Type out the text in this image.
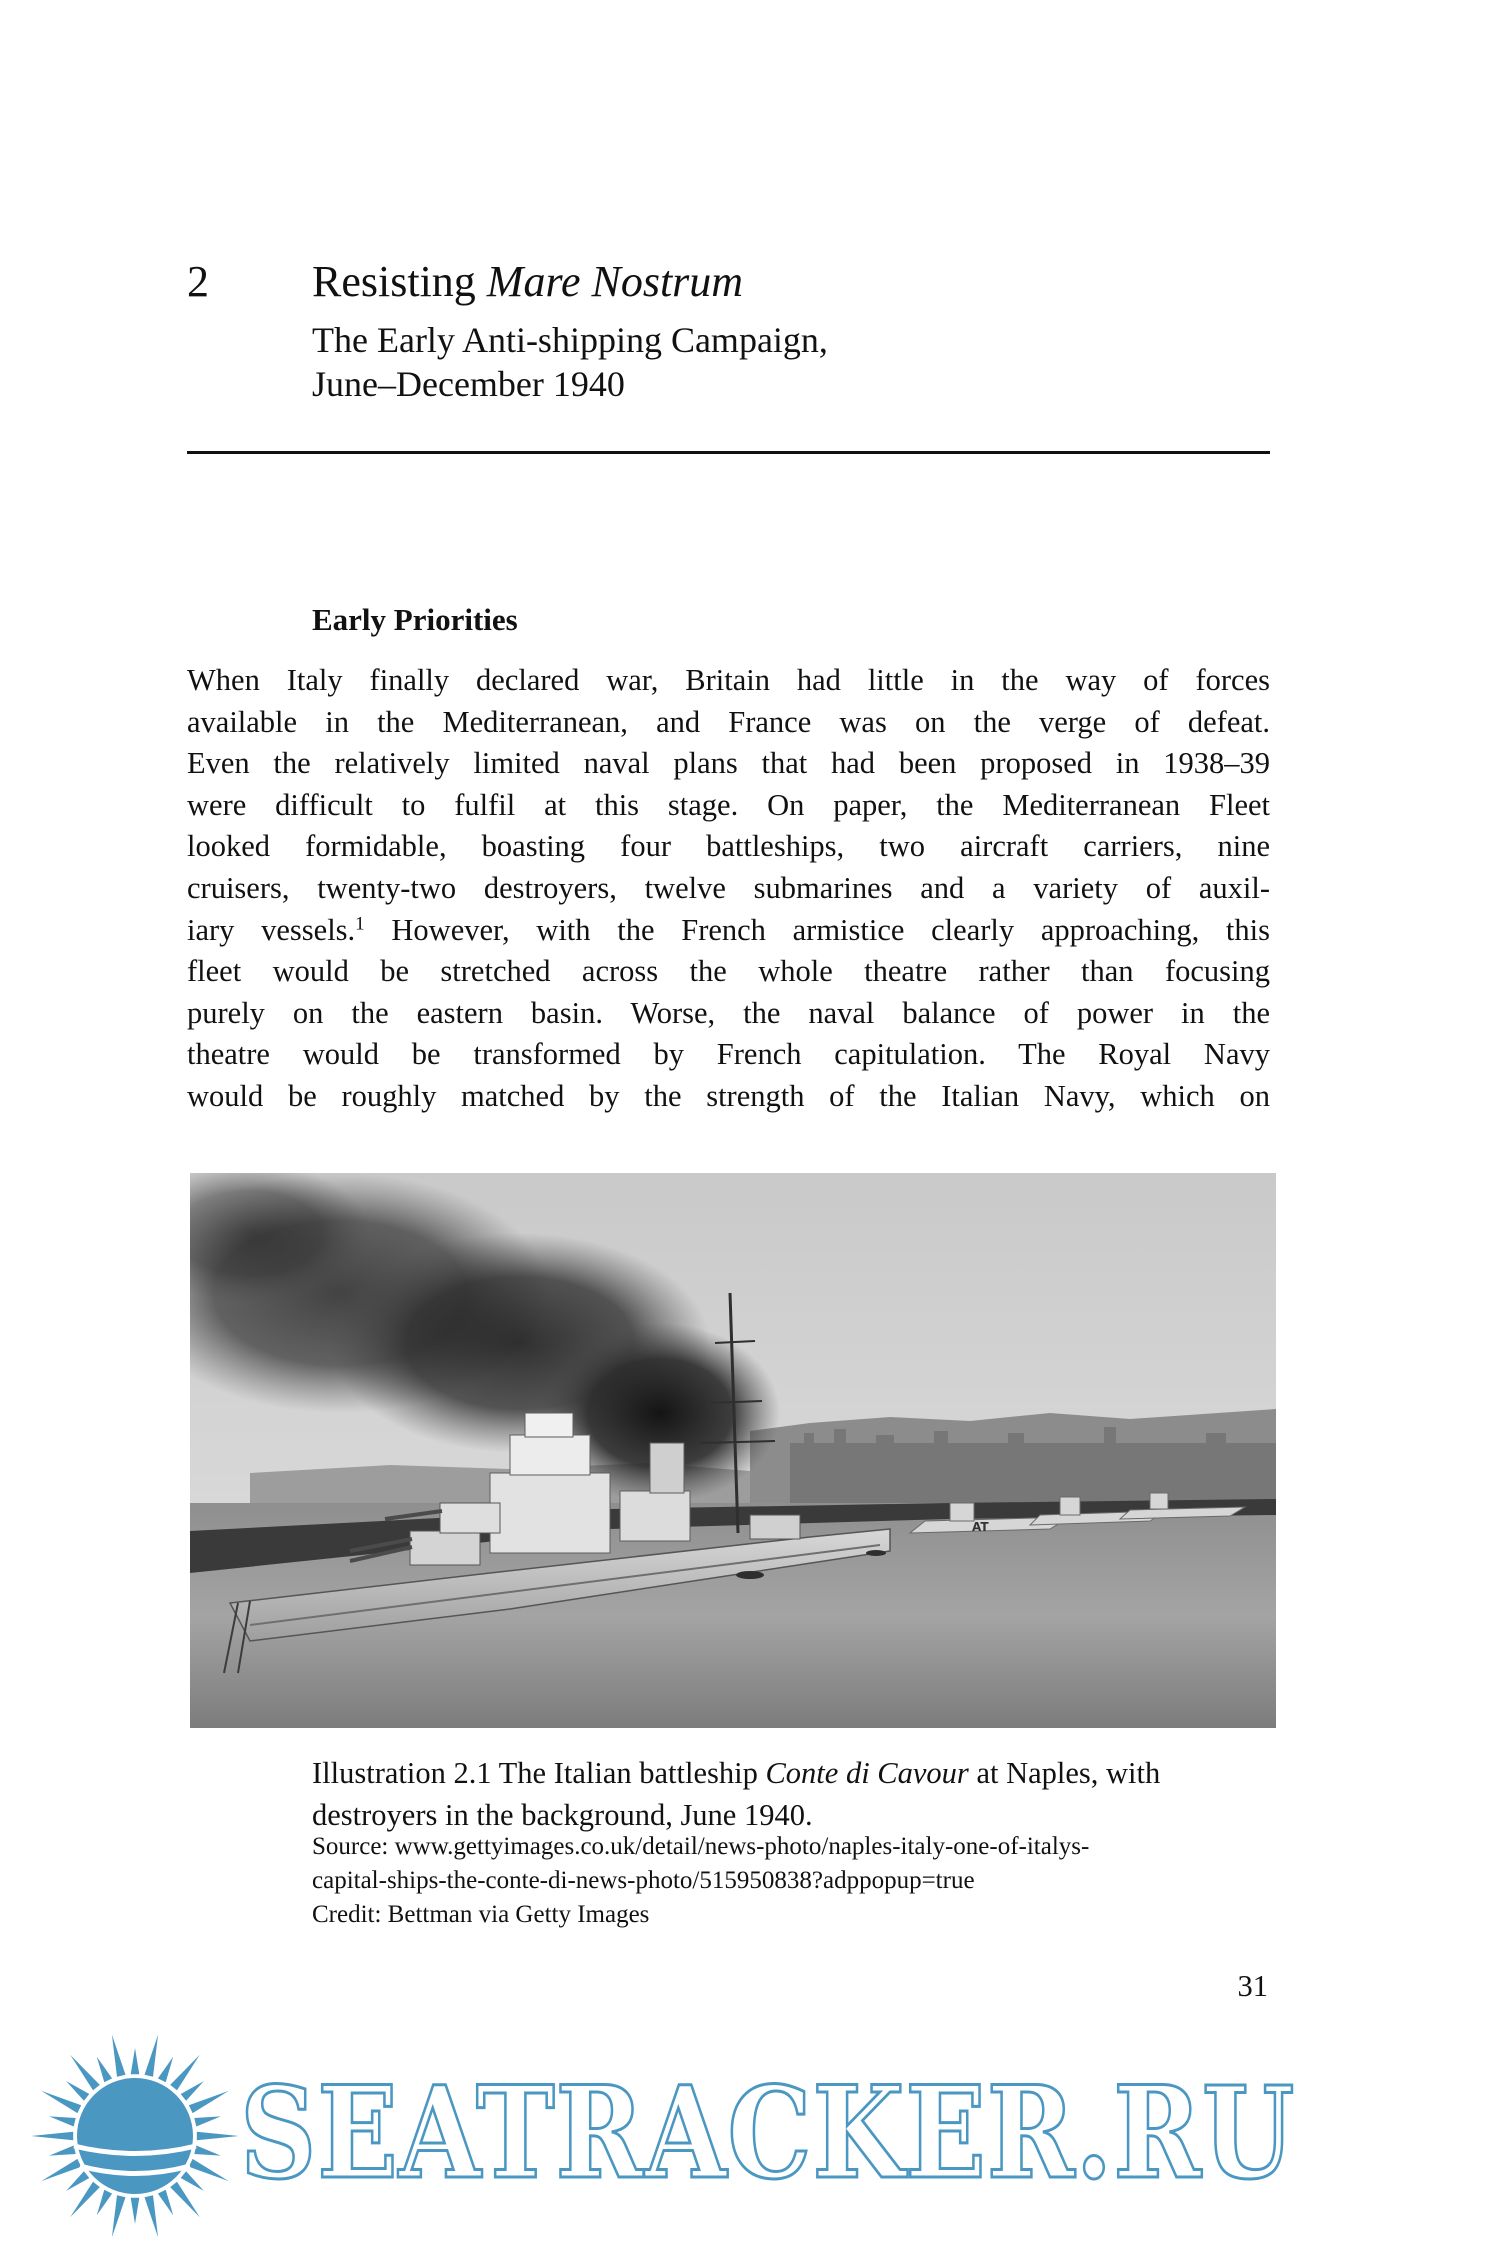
2 Resisting Mare Nostrum
The Early Anti-shipping Campaign,
June–December 1940
Early Priorities

When Italy finally declared war, Britain had little in the way of forces
available in the Mediterranean, and France was on the verge of defeat.
Even the relatively limited naval plans that had been proposed in 1938–39
were difficult to fulfil at this stage. On paper, the Mediterranean Fleet
looked formidable, boasting four battleships, two aircraft carriers, nine
cruisers, twenty-two destroyers, twelve submarines and a variety of auxil-
iary vessels.$^1$ However, with the French armistice clearly approaching, this
fleet would be stretched across the whole theatre rather than focusing
purely on the eastern basin. Worse, the naval balance of power in the
theatre would be transformed by French capitulation. The Royal Navy
would be roughly matched by the strength of the Italian Navy, which on

AT

Illustration 2.1 The Italian battleship Conte di Cavour at Naples, with
destroyers in the background, June 1940.

Source: www.gettyimages.co.uk/detail/news-photo/naples-italy-one-of-italys-
capital-ships-the-conte-di-news-photo/515950838?adppopup=true
Credit: Bettman via Getty Images

31
SEATRACKER.RU
